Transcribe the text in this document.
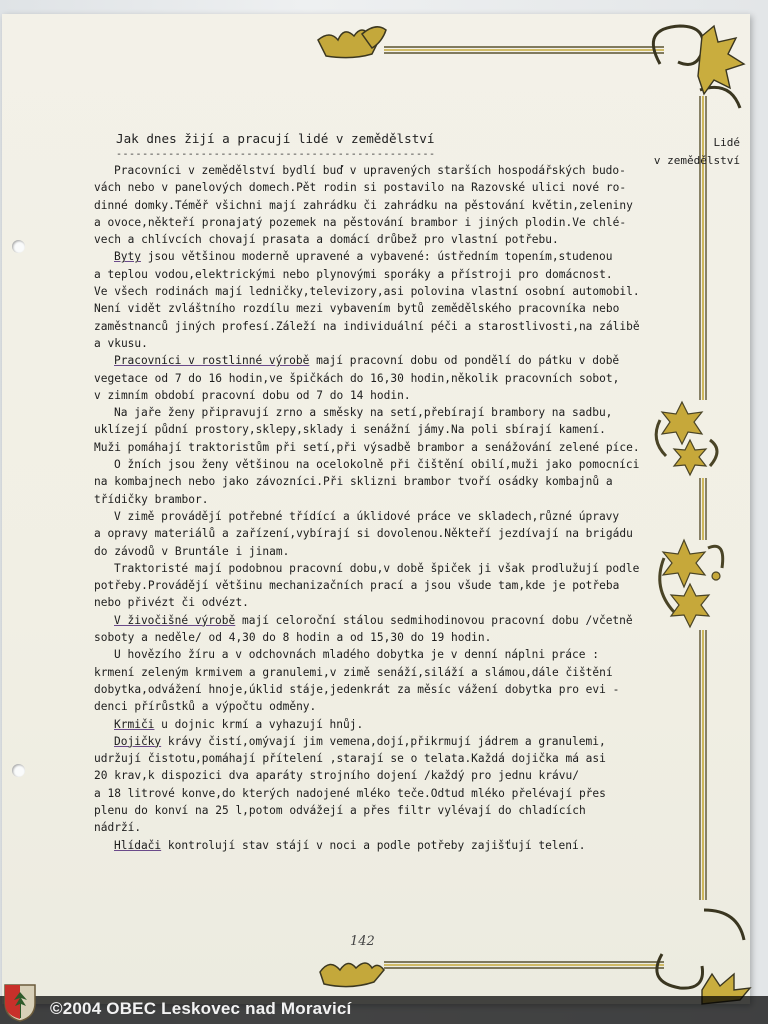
Jak dnes žijí a pracují lidé v zemědělství
-------------------------------------------------
Lidé
v zemědělství
Pracovníci v zemědělství bydlí buď v upravených starších hospodářských budo-
vách nebo v panelových domech.Pět rodin si postavilo na Razovské ulici nové ro-
dinné domky.Téměř všichni mají zahrádku či zahrádku na pěstování květin,zeleniny
a ovoce,někteří pronajatý pozemek na pěstování brambor i jiných plodin.Ve chlé-
vech a chlívcích chovají prasata a domácí drůbež pro vlastní potřebu.
Byty jsou většinou moderně upravené a vybavené: ústředním topením,studenou
a teplou vodou,elektrickými nebo plynovými sporáky a přístroji pro domácnost.
Ve všech rodinách mají ledničky,televizory,asi polovina vlastní osobní automobil.
Není vidět zvláštního rozdílu mezi vybavením bytů zemědělského pracovníka nebo
zaměstnanců jiných profesí.Záleží na individuální péči a starostlivosti,na zálibě
a vkusu.
Pracovníci v rostlinné výrobě mají pracovní dobu od pondělí do pátku v době
vegetace od 7 do 16 hodin,ve špičkách do 16,30 hodin,několik pracovních sobot,
v zimním období pracovní dobu od 7 do 14 hodin.
Na jaře ženy připravují zrno a směsky na setí,přebírají brambory na sadbu,
uklízejí půdní prostory,sklepy,sklady i senážní jámy.Na poli sbírají kamení.
Muži pomáhají traktoristům při setí,při výsadbě brambor a senážování zelené píce.
O žních jsou ženy většinou na ocelokolně při čištění obilí,muži jako pomocníci
na kombajnech nebo jako závozníci.Při sklizni brambor tvoří osádky kombajnů a
třídičky brambor.
V zimě provádějí potřebné třídící a úklidové práce ve skladech,různé úpravy
a opravy materiálů a zařízení,vybírají si dovolenou.Někteří jezdívají na brigádu
do závodů v Bruntále i jinam.
Traktoristé mají podobnou pracovní dobu,v době špiček ji však prodlužují podle
potřeby.Provádějí většinu mechanizačních prací a jsou všude tam,kde je potřeba
nebo přivézt či odvézt.
V živočišné výrobě mají celoroční stálou sedmihodinovou pracovní dobu /včetně
soboty a neděle/ od 4,30 do 8 hodin a od 15,30 do 19 hodin.
U hovězího žíru a v odchovnách mladého dobytka je v denní náplni práce :
krmení zeleným krmivem a granulemi,v zimě senáží,siláží a slámou,dále čištění
dobytka,odvážení hnoje,úklid stáje,jedenkrát za měsíc vážení dobytka pro evi -
denci přírůstků a výpočtu odměny.
Krmiči u dojnic krmí a vyhazují hnůj.
Dojičky krávy čistí,omývají jim vemena,dojí,přikrmují jádrem a granulemi,
udržují čistotu,pomáhají přítelení ,starají se o telata.Každá dojička má asi
20 krav,k dispozici dva aparáty strojního dojení /každý pro jednu krávu/
a 18 litrové konve,do kterých nadojené mléko teče.Odtud mléko přelévají přes
plenu do konví na 25 l,potom odvážejí a přes filtr vylévají do chladících
nádrží.
Hlídači kontrolují stav stájí v noci a podle potřeby zajišťují telení.
142
©2004 OBEC Leskovec nad Moravicí
